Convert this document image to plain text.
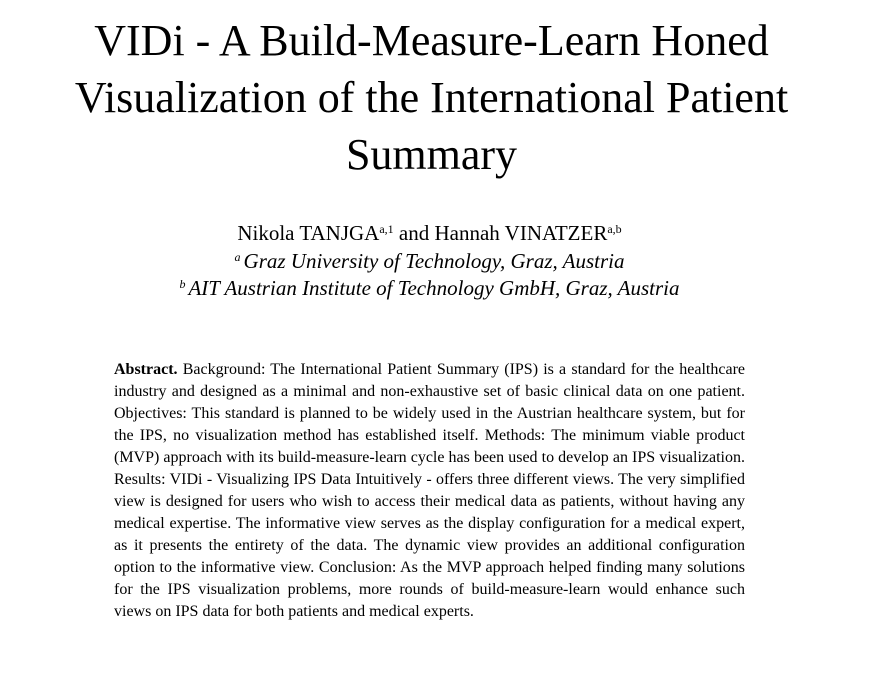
VIDi - A Build-Measure-Learn Honed
Visualization of the International Patient
Summary
Nikola TANJGA$^{a,1}$ and Hannah VINATZER$^{a,b}$
$^a$ Graz University of Technology, Graz, Austria
$^b$ AIT Austrian Institute of Technology GmbH, Graz, Austria

Abstract. Background: The International Patient Summary (IPS) is a standard for the healthcare industry and designed as a minimal and non-exhaustive set of basic clinical data on one patient. Objectives: This standard is planned to be widely used in the Austrian healthcare system, but for the IPS, no visualization method has established itself. Methods: The minimum viable product (MVP) approach with its build-measure-learn cycle has been used to develop an IPS visualization. Results: VIDi - Visualizing IPS Data Intuitively - offers three different views. The very simplified view is designed for users who wish to access their medical data as patients, without having any medical expertise. The informative view serves as the display configuration for a medical expert, as it presents the entirety of the data. The dynamic view provides an additional configuration option to the informative view. Conclusion: As the MVP approach helped finding many solutions for the IPS visualization problems, more rounds of build-measure-learn would enhance such views on IPS data for both patients and medical experts.
